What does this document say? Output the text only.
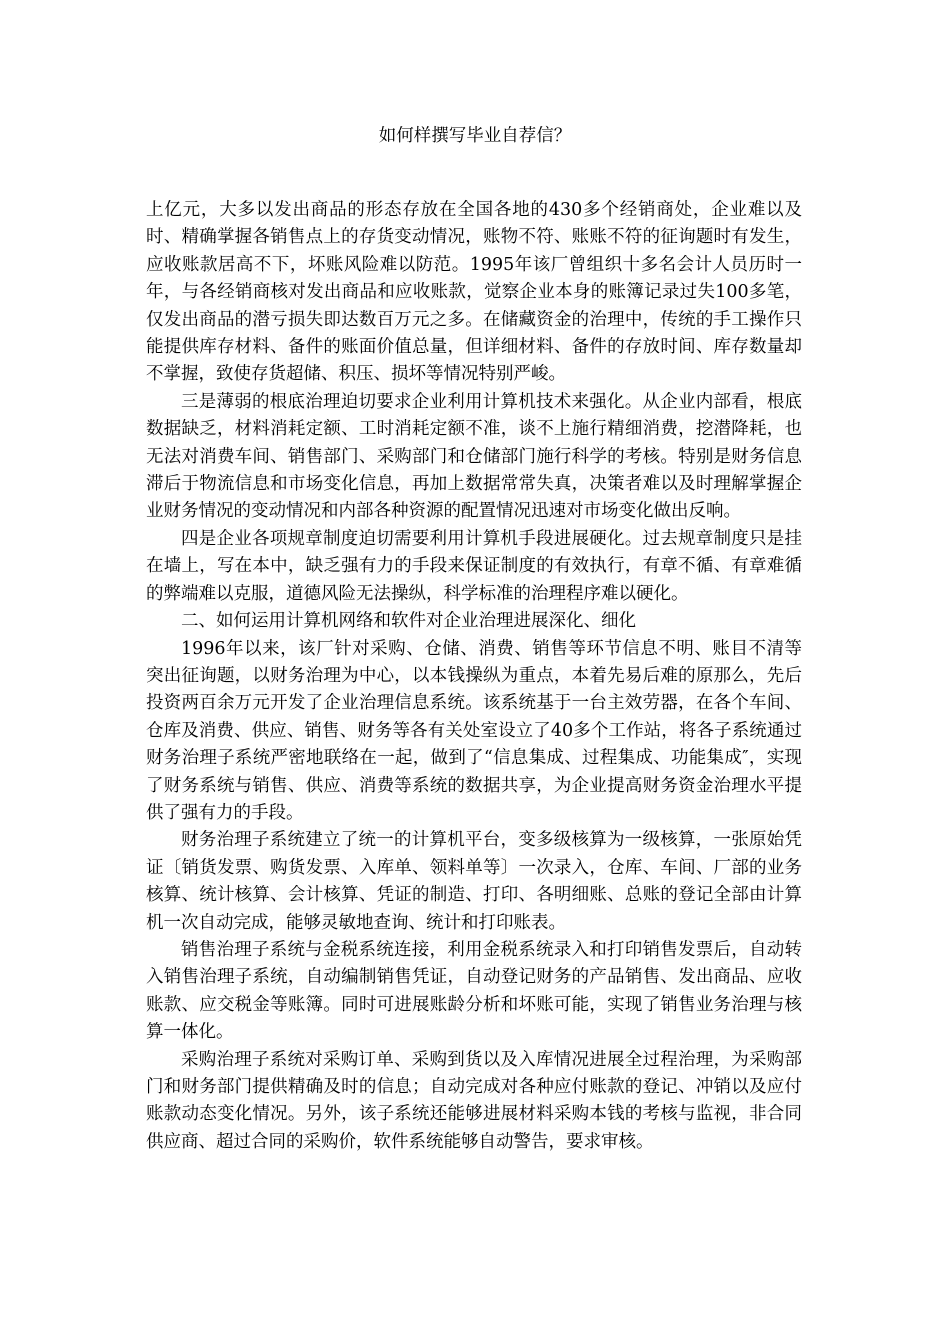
如何样撰写毕业自荐信？

上亿元，大多以发出商品的形态存放在全国各地的430多个经销商处，企业难以及时、精确掌握各销售点上的存货变动情况，账物不符、账账不符的征询题时有发生，应收账款居高不下，坏账风险难以防范。1995年该厂曾组织十多名会计人员历时一年，与各经销商核对发出商品和应收账款，觉察企业本身的账簿记录过失100多笔，仅发出商品的潜亏损失即达数百万元之多。在储藏资金的治理中，传统的手工操作只能提供库存材料、备件的账面价值总量，但详细材料、备件的存放时间、库存数量却不掌握，致使存货超储、积压、损坏等情况特别严峻。

三是薄弱的根底治理迫切要求企业利用计算机技术来强化。从企业内部看，根底数据缺乏，材料消耗定额、工时消耗定额不准，谈不上施行精细消费，挖潜降耗，也无法对消费车间、销售部门、采购部门和仓储部门施行科学的考核。特别是财务信息滞后于物流信息和市场变化信息，再加上数据常常失真，决策者难以及时理解掌握企业财务情况的变动情况和内部各种资源的配置情况迅速对市场变化做出反响。

四是企业各项规章制度迫切需要利用计算机手段进展硬化。过去规章制度只是挂在墙上，写在本中，缺乏强有力的手段来保证制度的有效执行，有章不循、有章难循的弊端难以克服，道德风险无法操纵，科学标准的治理程序难以硬化。

二、如何运用计算机网络和软件对企业治理进展深化、细化

1996年以来，该厂针对采购、仓储、消费、销售等环节信息不明、账目不清等突出征询题，以财务治理为中心，以本钱操纵为重点，本着先易后难的原那么，先后投资两百余万元开发了企业治理信息系统。该系统基于一台主效劳器，在各个车间、仓库及消费、供应、销售、财务等各有关处室设立了40多个工作站，将各子系统通过财务治理子系统严密地联络在一起，做到了“信息集成、过程集成、功能集成″，实现了财务系统与销售、供应、消费等系统的数据共享，为企业提高财务资金治理水平提供了强有力的手段。

财务治理子系统建立了统一的计算机平台，变多级核算为一级核算，一张原始凭证〔销货发票、购货发票、入库单、领料单等〕一次录入，仓库、车间、厂部的业务核算、统计核算、会计核算、凭证的制造、打印、各明细账、总账的登记全部由计算机一次自动完成，能够灵敏地查询、统计和打印账表。

销售治理子系统与金税系统连接，利用金税系统录入和打印销售发票后，自动转入销售治理子系统，自动编制销售凭证，自动登记财务的产品销售、发出商品、应收账款、应交税金等账簿。同时可进展账龄分析和坏账可能，实现了销售业务治理与核算一体化。

采购治理子系统对采购订单、采购到货以及入库情况进展全过程治理，为采购部门和财务部门提供精确及时的信息；自动完成对各种应付账款的登记、冲销以及应付账款动态变化情况。另外，该子系统还能够进展材料采购本钱的考核与监视，非合同供应商、超过合同的采购价，软件系统能够自动警告，要求审核。
